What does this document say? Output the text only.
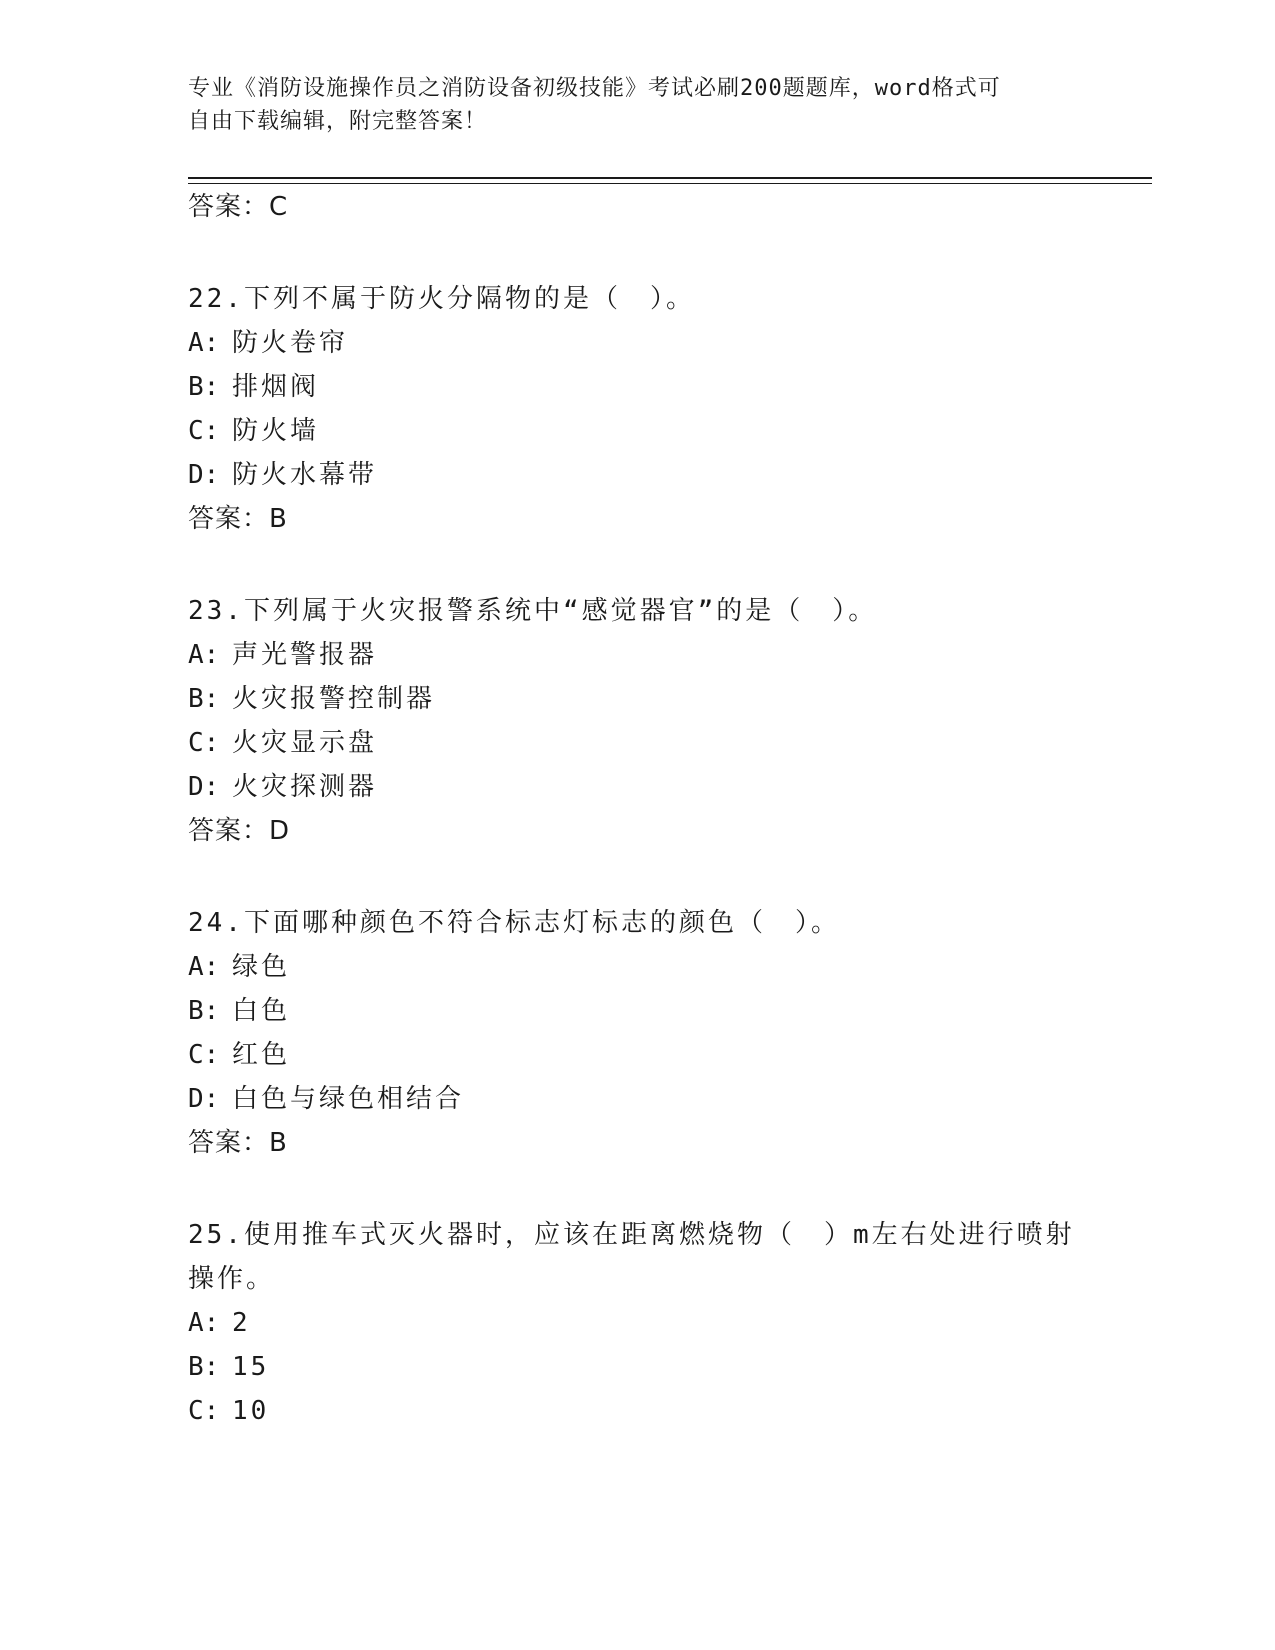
专业《消防设施操作员之消防设备初级技能》考试必刷200题题库，word格式可
自由下载编辑，附完整答案！
答案：C
22.下列不属于防火分隔物的是（　）。
A: 防火卷帘
B: 排烟阀
C: 防火墙
D: 防火水幕带
答案：B
23.下列属于火灾报警系统中“感觉器官”的是（　）。
A: 声光警报器
B: 火灾报警控制器
C: 火灾显示盘
D: 火灾探测器
答案：D
24.下面哪种颜色不符合标志灯标志的颜色（　）。
A: 绿色
B: 白色
C: 红色
D: 白色与绿色相结合
答案：B
25.使用推车式灭火器时，应该在距离燃烧物（　）m左右处进行喷射
操作。
A: 2
B: 15
C: 10
